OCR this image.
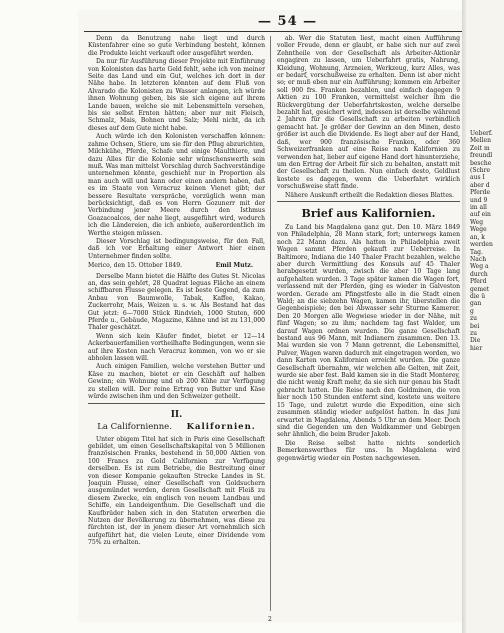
— 54 —

Denn da Benutzung nahe liegt und durch Küstenfahrer eine so gute Verbindung besteht, können die Produkte leicht verkauft oder ausgeführt werden.

Da nur für Ausführung dieser Projekte mit Einführung von Kolonisten das harte Geld fehlt, sehe ich von meiner Seite das Land und ein Gut, welches ich dort in der Nähe habe. In letzteren könnten auf dem Fluß von Alvarado die Kolonisten zu Wasser anlangen, ich würde ihnen Wohnung geben, bis sie sich eigene auf ihrem Lande bauen, welche sie mit Lebensmitteln versehen, bis sie selbst Ernten hätten; aber nur mit Fleisch, Schmalz, Mais, Bohnen und Salz; Mehl nicht, da ich dieses auf dem Gute nicht habe.

Auch würde ich den Kolonisten verschaffen können: zahme Ochsen, Stiere, um sie für den Pflug abzurichten, Milchkühe, Pferde, Schafe und einige Maulthiere, und dazu Alles für die Kolonie sehr wünschenswerth sein muß. Was man mittelst Vorschlag durch Sachverständige unternehmen könnte, geschieht nur in Proportion als man auch will und kann oder einen andern haben, daß es im Staate von Veracruz keinen Vienet gibt; der bessere Resultate verspräche, vorzüglich wenn man berücksichtigt, daß es von Herrn Gozunerr mit der Verbindung jener Meere durch den Isthmus Goazacoalcos, der nahe liegt, ausgeführt wird, wodurch ich die Ländereien, die ich anbiete, außerordentlich im Werthe steigen müssen.

Dieser Vorschlag ist bedingungsweise, für den Fall, daß ich vor Erhaltung einer Antwort hier einen Unternehmer finden sollte.

Merico, den 15. Ottober 1849.	Emil Mutz.

Derselbe Mann bietet die Hälfte des Gutes St. Nicolas an, das sein gehört, 28 Quadrat leguas Fläche an einem schiffbaren Flusse gelegen. Es ist beste Gegend, da zum Anbau von Baumwolle, Tabak, Kaffee, Kakao, Zuckerrohr, Mais, Weizen u. s. w. Als Bestand hat das Gut jetzt: 6—7000 Stück Rindvieh, 1000 Stuten, 600 Pferde u., Gebäude, Magazine, Kähne und ist zu 131,000 Thaler geschätzt.

Wenn sich kein Käufer findet, bietet er 12—14 Ackerbauerfamilien vortheilhafte Bedingungen, wenn sie auf ihre Kosten nach Veracruz kommen, von wo er sie abholen lassen will.

Auch einigen Familien, welche verstehen Butter und Käse zu machen, bietet er ein Geschäft auf halben Gewinn; ein Wohnung und ob 200 Kühe zur Verfügung zu stellen will. Der reine Ertrag von Butter und Käse würde zwischen ihm und den Schweizer getheilt.

II.
La Californienne. Kalifornien.

Unter obigem Titel hat sich in Paris eine Gesellschaft gebildet, um einen Gesellschaftskapital von 5 Millionen französischen Franks, bestehend in 50,000 Aktien von 100 Francs zu Gold Californien zur Verfügung derselben. Es ist zum Betriebe, die Bestreitung einer von dieser Kompanie gekauften Strecke Landes in St. Joaquin Flusse, einer Gesellschaft von Goldsuchern ausgemündet werden, deren Gesellschaft mit Fleiß zu diesem Zwecke, ein englisch von neuem Landbau und Schiffe, ein Landeigenthum. Die Gesellschaft und die Kaufbrüder haben sich in den Statuten erwerben die Nutzen der Bevölkerung zu übernehmen, was diese zu fürchten ist, der in jenem dieser Art vornehmlich sich aufgeführt hat, die vielen Leute, einer Dividende vom 75% zu erhalten.

ab. Wer die Statuten liest, macht einen Aufführung voller Freude, denn er glaubt, er habe sich nur auf zwei Zehntheile von der Gesellschaft als Arbeiter-Aktionär engagiren zu lassen, um Ueberfahrt gratis, Nahrung, Kleidung, Wohnung, Arzneien, Werkzeug, kurz Alles, was er bedarf, vorschußweise zu erhalten. Denn ist aber nicht so; er muß eben nur ein Aufführung; kommen ein Arbeiter soll 900 frs. Franken bezahlen, und einfach dagegen 9 Aktien zu 100 Franken, vermittelst welcher ihm die Rückvergütung der Ueberfahrtskosten, welche derselbe bezahlt hat, gesichert wird, indessen ist derselbe während 2 Jahren für die Gesellschaft zu arbeiten verbindlich gemacht hat. Je größer der Gewinn an den Minen, desto größer ist auch die Dividende. Es liegt aber auf der Hand, daß, wer 900 französische Franken, oder 360 Schweizerfranken auf eine Reise nach Kalifornien zu verwenden hat, lieber auf eigene Hand dort hinunterziehe, um den Ertrag der Arbeit für sich zu behalten, anstatt mit der Gesellschaft zu theilen. Nun einfach desto, Geldlust kostete es dagegen, wenn die Ueberfahrt wirklich vorschußweise statt finde.

Nähere Auskunft ertheilt die Redaktion dieses Blattes.

Brief aus Kalifornien.

Zu Land bis Magdalena ganz gut. Den 10. März 1849 von Philadelphia, 28 Mann stark, fort; unterwegs kamen noch 22 Mann dazu. Als hatten in Philadelphia zweit Wagen sammt Pferden gekauft zur Ueberreise. In Baltimore, Indiana die 140 Thaler Fracht bezahlen, welche aber durch Vermittlung des Konsuls auf 45 Thaler herabgesetzt wurden, zwisch die aber 10 Tage lang aufgehalten wurden. 3 Tage später kamen die Wagen fort, verlassend mit der Pferden, ging es wieder in Galveston worden. Gerade am Pfingstfeste alle in die Stadt einen Wald; an die siebzehn Wagen, kamen ihr, überstellen die Gegenbeispiele; den bei Abwasser sehr Sturme Kamerer. Den 20 Morgen alle Wegwiese wieder in der Nähe, mit fünf Wagen; so zu ihm; nachdem tag fast Walder, um darauf Wagen ordnen wurden. Die ganze Gesellschaft bestand aus 96 Mann, mit Indianern zusammen. Den 13. Mai wurden sie von 7 Mann getrennt, die Lebensmittel, Pulver, Wagen waren dadurch mit eingetragen worden, wo dann Karten von Kalifornien erreicht wurden. Die ganze Gesellschaft übernahm, wir welchen alle Gelten, mit Zeit, wurde sie aber fest. Bald kamen sie in die Stadt Monterey, die nicht wenig Kraft mehr, da sie sich nur genau bis Stadt gebracht hatten. Die Reise nach den Goldminen, die von hier noch 150 Stunden entfernt sind, kostete uns weitere 15 Tage, und zuletzt wurde die Expedition, eine sich zusammen ständig wieder aufgelöst hatten. In das Juni erwartet in Magdalena, Abends 5 Uhr an dem Meer. Doch sind die Gegenden um den Waldkammer und Gebirgen sehr ähnlich, die beim Bruder Jakob.

Die Reise selbst hatte nichts sonderlich Bemerkenswerthes für uns. In Magdalena wird gegenwärtig wieder ein Posten nachgewiesen.

Ueberf.
Mellen
Zeit m
freundl
besche
(Schre
aus I
aber d
Pferde
und 9
im all
auf ein
Weg
Wege
an, k
werden
Tag.
Nach
Weg a
durch
Pferd
gemet
die ü
gan
g
zu
bei
zu
Die
hier
2
